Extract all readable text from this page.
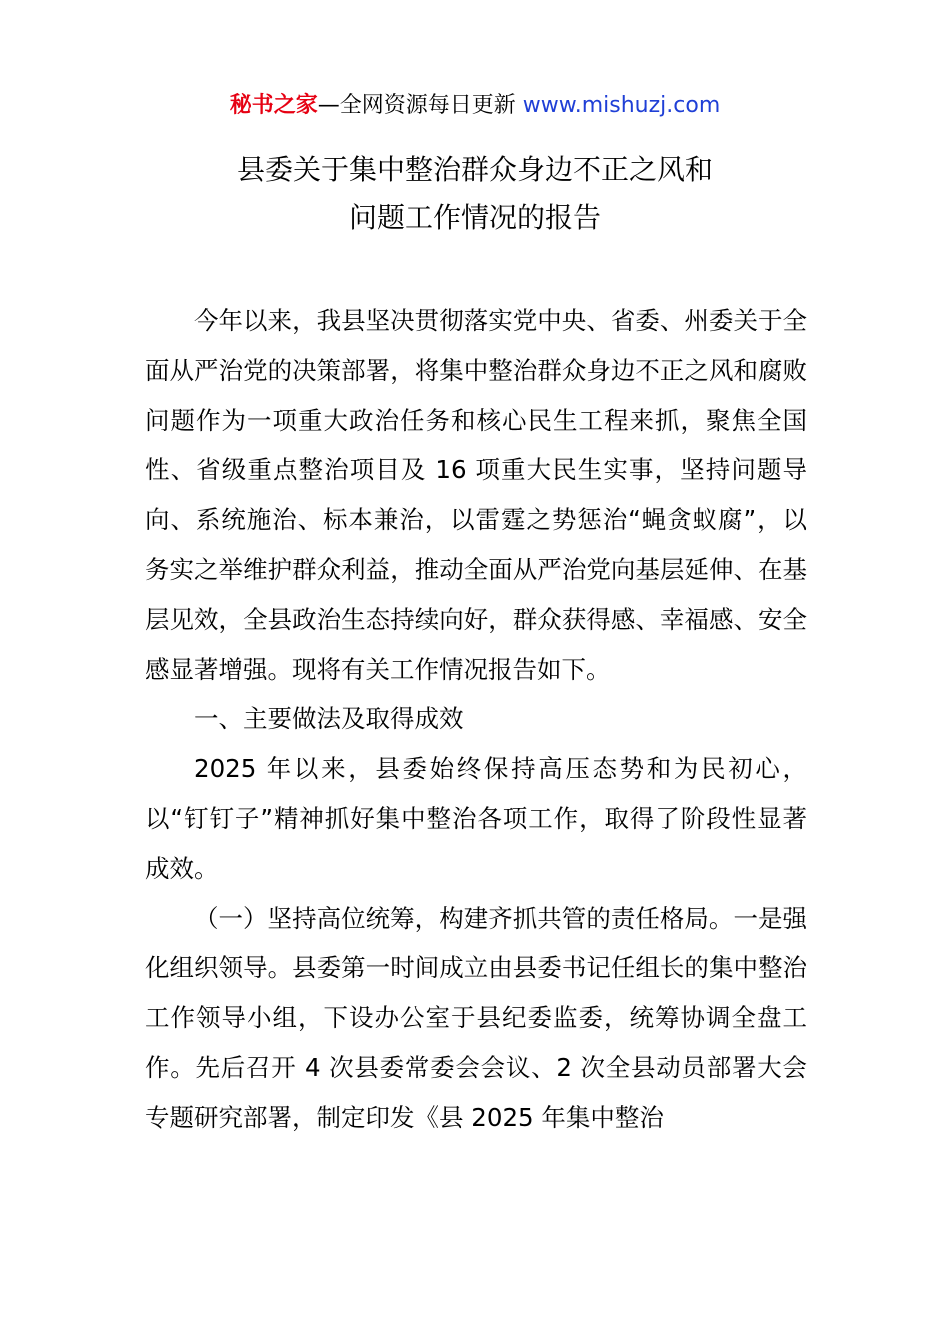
秘书之家—全网资源每日更新 www.mishuzj.com
县委关于集中整治群众身边不正之风和
问题工作情况的报告

今年以来，我县坚决贯彻落实党中央、省委、州委关于全面从严治党的决策部署，将集中整治群众身边不正之风和腐败问题作为一项重大政治任务和核心民生工程来抓，聚焦全国性、省级重点整治项目及 16 项重大民生实事，坚持问题导向、系统施治、标本兼治，以雷霆之势惩治“蝇贪蚁腐”，以务实之举维护群众利益，推动全面从严治党向基层延伸、在基层见效，全县政治生态持续向好，群众获得感、幸福感、安全感显著增强。现将有关工作情况报告如下。

一、主要做法及取得成效

2025 年以来，县委始终保持高压态势和为民初心，以“钉钉子”精神抓好集中整治各项工作，取得了阶段性显著成效。

（一）坚持高位统筹，构建齐抓共管的责任格局。一是强化组织领导。县委第一时间成立由县委书记任组长的集中整治工作领导小组，下设办公室于县纪委监委，统筹协调全盘工作。先后召开 4 次县委常委会会议、2 次全县动员部署大会专题研究部署，制定印发《县 2025 年集中整治
